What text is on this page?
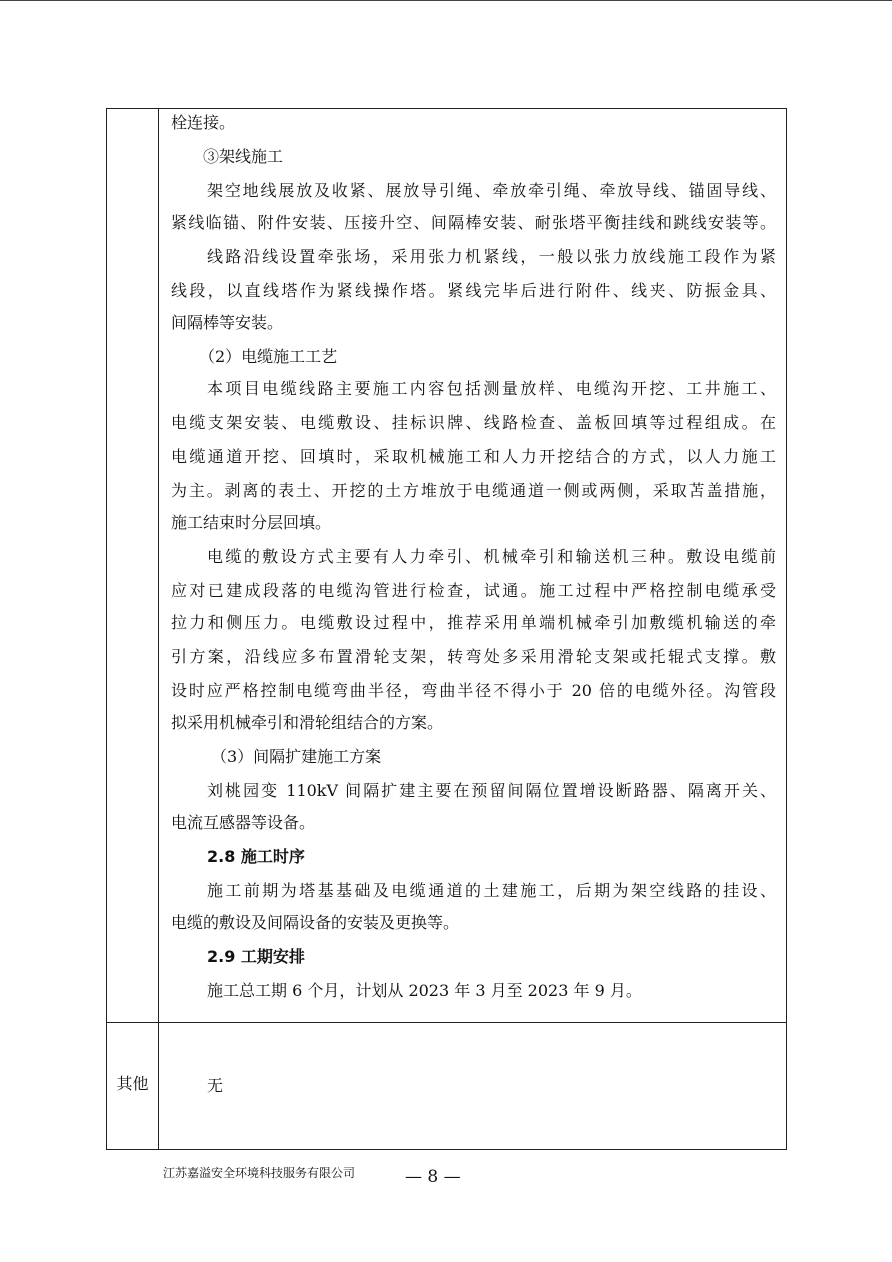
栓连接。
③架线施工
架空地线展放及收紧、展放导引绳、牵放牵引绳、牵放导线、锚固导线、
紧线临锚、附件安装、压接升空、间隔棒安装、耐张塔平衡挂线和跳线安装等。
线路沿线设置牵张场，采用张力机紧线，一般以张力放线施工段作为紧
线段，以直线塔作为紧线操作塔。紧线完毕后进行附件、线夹、防振金具、
间隔棒等安装。
（2）电缆施工工艺
本项目电缆线路主要施工内容包括测量放样、电缆沟开挖、工井施工、
电缆支架安装、电缆敷设、挂标识牌、线路检查、盖板回填等过程组成。在
电缆通道开挖、回填时，采取机械施工和人力开挖结合的方式，以人力施工
为主。剥离的表土、开挖的土方堆放于电缆通道一侧或两侧，采取苫盖措施，
施工结束时分层回填。
电缆的敷设方式主要有人力牵引、机械牵引和输送机三种。敷设电缆前
应对已建成段落的电缆沟管进行检查，试通。施工过程中严格控制电缆承受
拉力和侧压力。电缆敷设过程中，推荐采用单端机械牵引加敷缆机输送的牵
引方案，沿线应多布置滑轮支架，转弯处多采用滑轮支架或托辊式支撑。敷
设时应严格控制电缆弯曲半径，弯曲半径不得小于 20 倍的电缆外径。沟管段
拟采用机械牵引和滑轮组结合的方案。
（3）间隔扩建施工方案
刘桃园变 110kV 间隔扩建主要在预留间隔位置增设断路器、隔离开关、
电流互感器等设备。
2.8 施工时序
施工前期为塔基基础及电缆通道的土建施工，后期为架空线路的挂设、
电缆的敷设及间隔设备的安装及更换等。
2.9 工期安排
施工总工期 6 个月，计划从 2023 年 3 月至 2023 年 9 月。
其他	无
江苏嘉溢安全环境科技服务有限公司	— 8 —
